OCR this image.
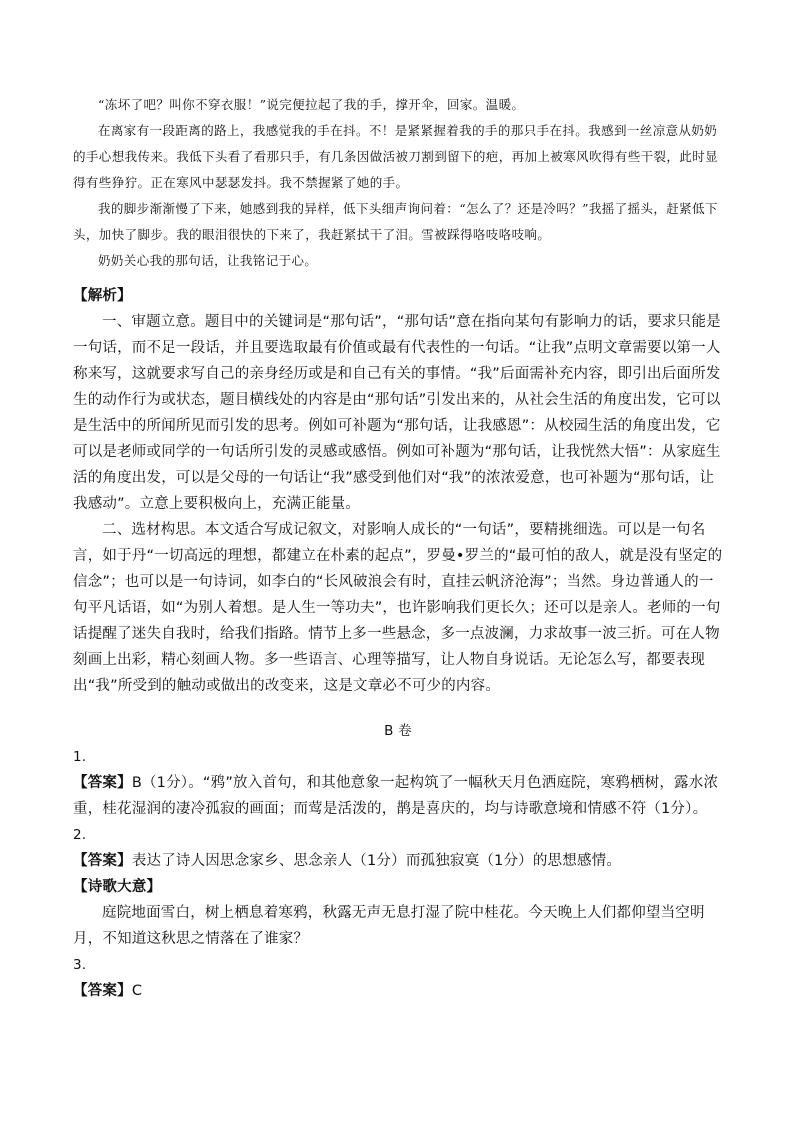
“冻坏了吧？叫你不穿衣服！”说完便拉起了我的手，撑开伞，回家。温暖。

在离家有一段距离的路上，我感觉我的手在抖。不！是紧紧握着我的手的那只手在抖。我感到一丝凉意从奶奶的手心想我传来。我低下头看了看那只手，有几条因做活被刀割到留下的疤，再加上被寒风吹得有些干裂，此时显得有些狰狞。正在寒风中瑟瑟发抖。我不禁握紧了她的手。

我的脚步渐渐慢了下来，她感到我的异样，低下头细声询问着：“怎么了？还是冷吗？”我摇了摇头，赶紧低下头，加快了脚步。我的眼泪很快的下来了，我赶紧拭干了泪。雪被踩得咯吱咯吱响。

奶奶关心我的那句话，让我铭记于心。

【解析】

一、审题立意。题目中的关键词是“那句话”，“那句话”意在指向某句有影响力的话，要求只能是一句话，而不足一段话，并且要选取最有价值或最有代表性的一句话。“让我”点明文章需要以第一人称来写，这就要求写自己的亲身经历或是和自己有关的事情。“我”后面需补充内容，即引出后面所发生的动作行为或状态，题目横线处的内容是由“那句话”引发出来的，从社会生活的角度出发，它可以是生活中的所闻所见而引发的思考。例如可补题为“那句话，让我感恩”：从校园生活的角度出发，它可以是老师或同学的一句话所引发的灵感或感悟。例如可补题为“那句话，让我恍然大悟”：从家庭生活的角度出发，可以是父母的一句话让“我”感受到他们对“我”的浓浓爱意，也可补题为“那句话，让我感动”。立意上要积极向上，充满正能量。

二、选材构思。本文适合写成记叙文，对影响人成长的“一句话”，要精挑细选。可以是一句名言，如于丹“一切高远的理想，都建立在朴素的起点”，罗曼•罗兰的“最可怕的敌人，就是没有坚定的信念”；也可以是一句诗词，如李白的“长风破浪会有时，直挂云帆济沧海”；当然。身边普通人的一句平凡话语，如“为别人着想。是人生一等功夫”，也许影响我们更长久；还可以是亲人。老师的一句话提醒了迷失自我时，给我们指路。情节上多一些悬念，多一点波澜，力求故事一波三折。可在人物刻画上出彩，精心刻画人物。多一些语言、心理等描写，让人物自身说话。无论怎么写，都要表现出“我”所受到的触动或做出的改变来，这是文章必不可少的内容。

B 卷

1.

【答案】B（1分）。“鸦”放入首句，和其他意象一起构筑了一幅秋天月色洒庭院，寒鸦栖树，露水浓重，桂花湿润的凄冷孤寂的画面；而莺是活泼的，鹊是喜庆的，均与诗歌意境和情感不符（1分）。

2.

【答案】表达了诗人因思念家乡、思念亲人（1分）而孤独寂寞（1分）的思想感情。

【诗歌大意】

庭院地面雪白，树上栖息着寒鸦，秋露无声无息打湿了院中桂花。今天晚上人们都仰望当空明月，不知道这秋思之情落在了谁家？

3.

【答案】C
